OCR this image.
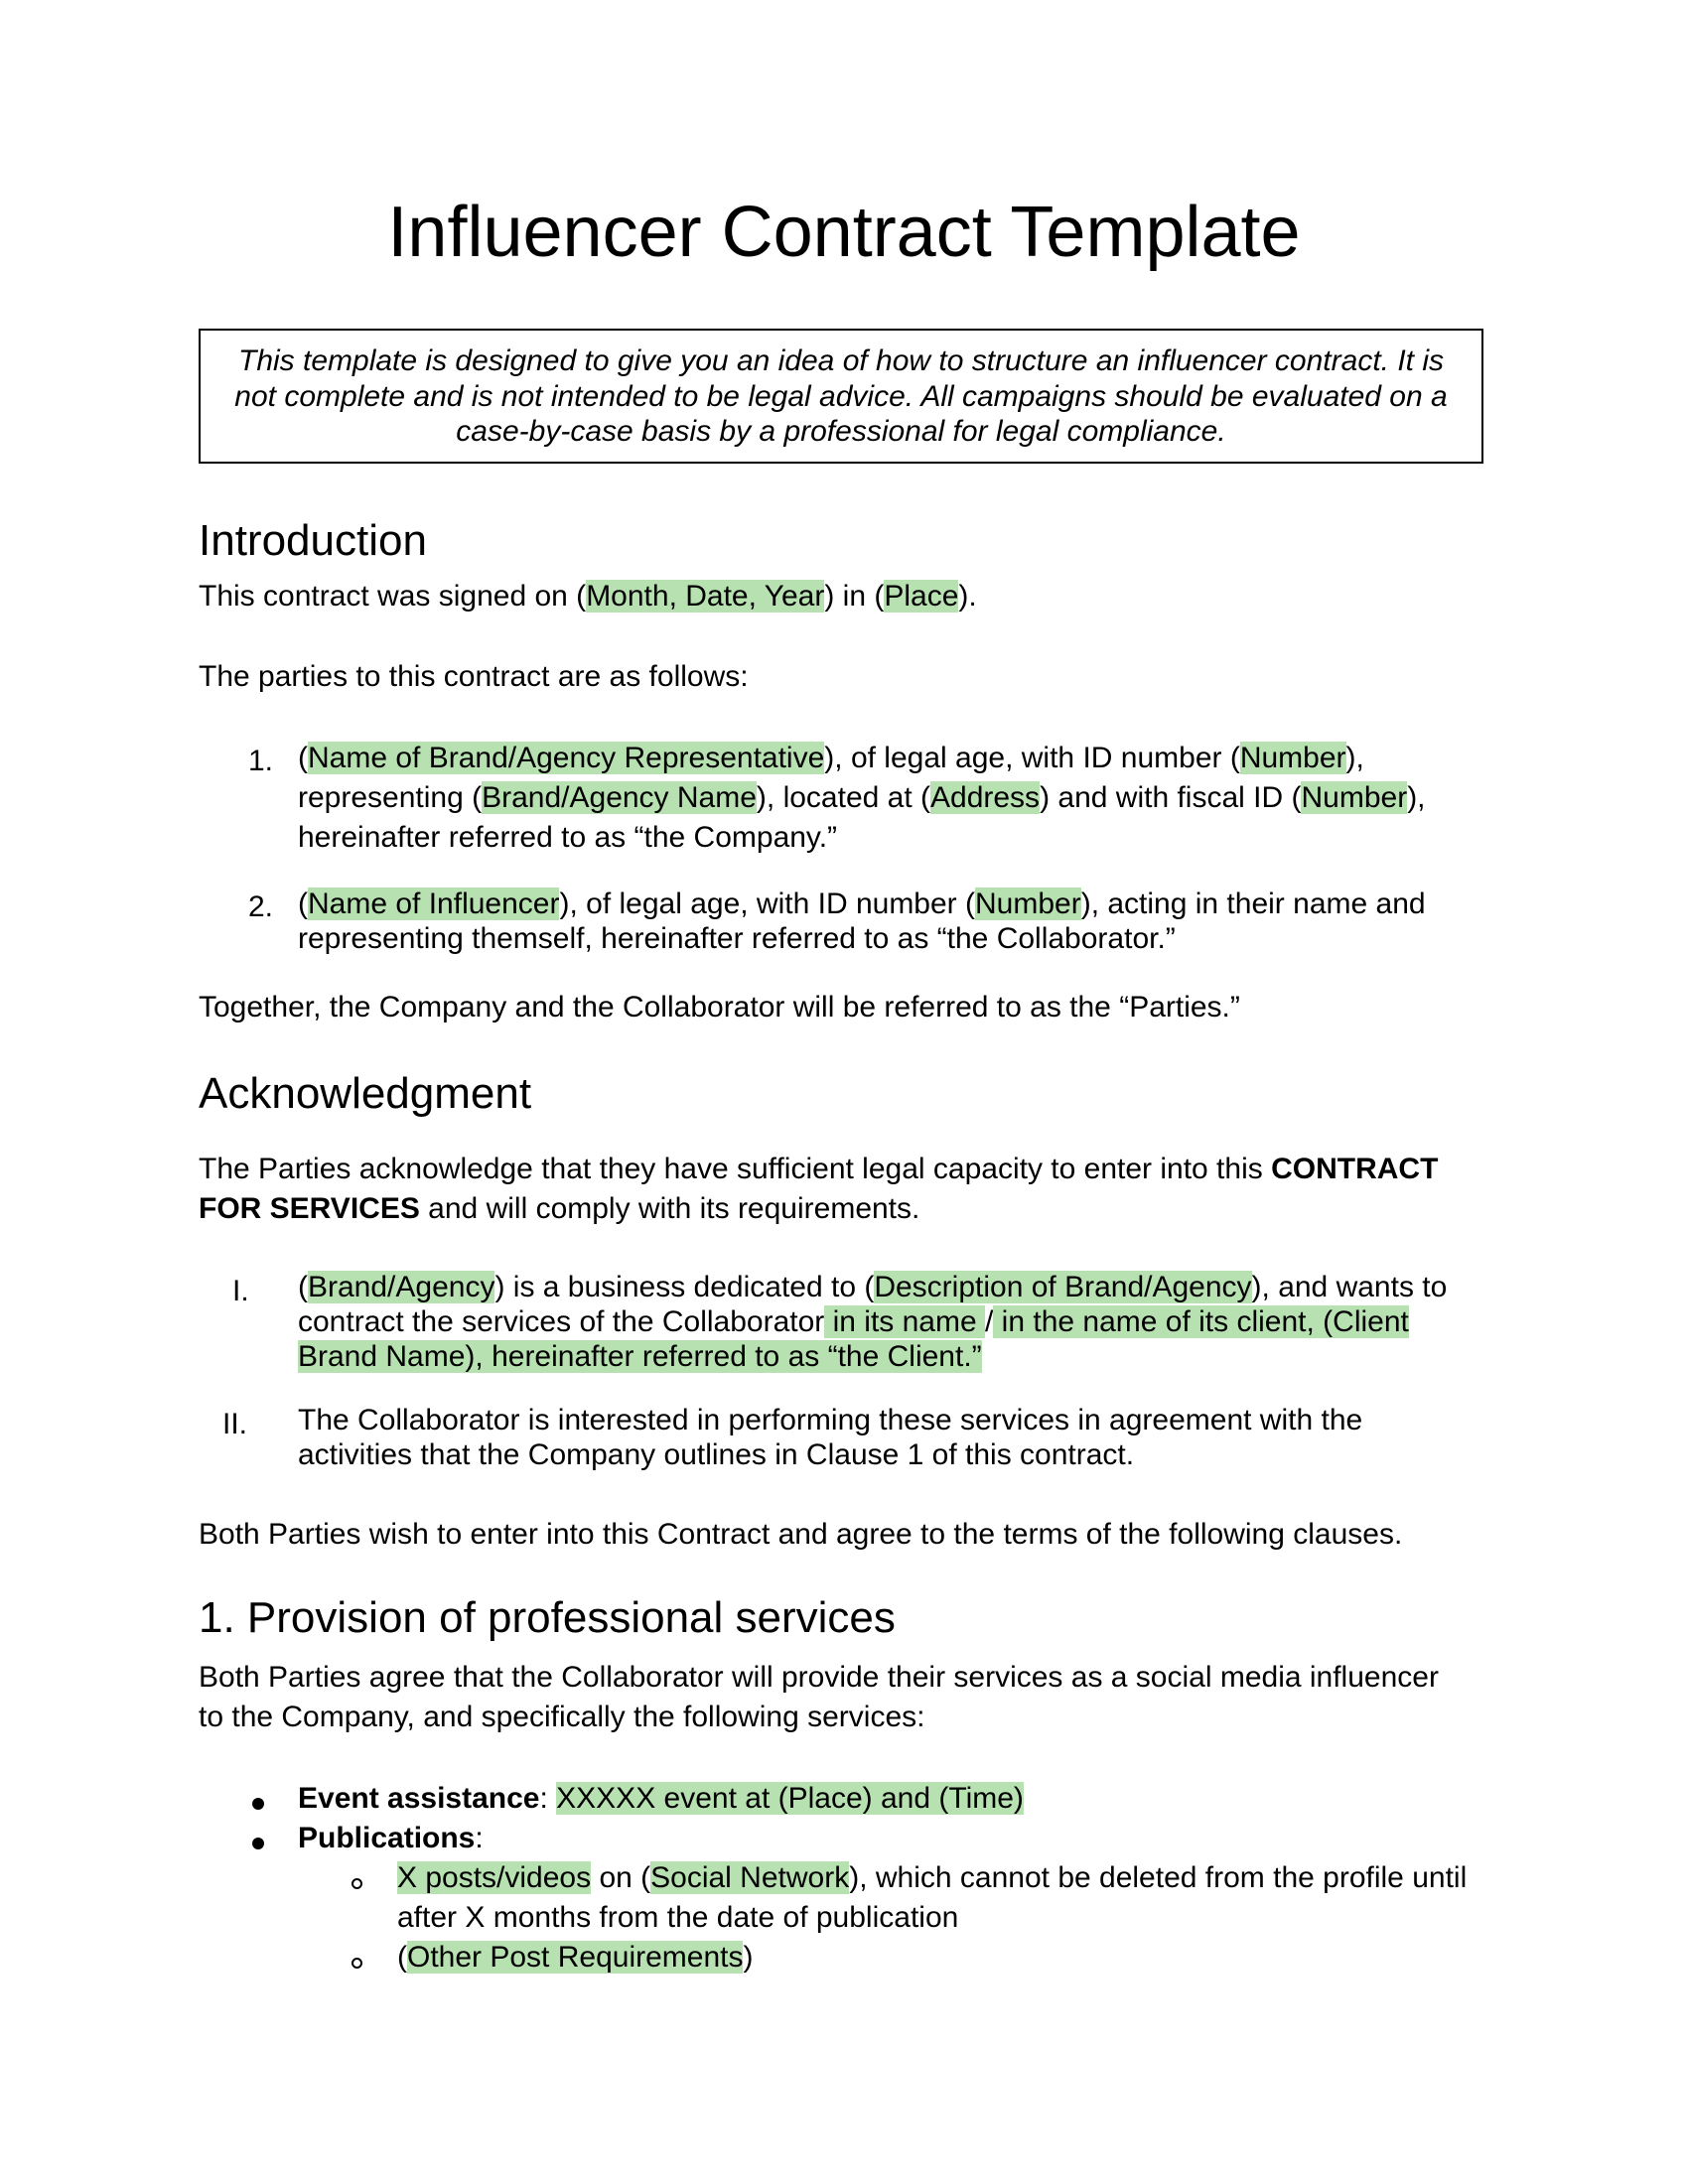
Influencer Contract Template
This template is designed to give you an idea of how to structure an influencer contract. It is
not complete and is not intended to be legal advice. All campaigns should be evaluated on a
case-by-case basis by a professional for legal compliance.
Introduction

This contract was signed on (Month, Date, Year) in (Place).

The parties to this contract are as follows:

1. (Name of Brand/Agency Representative), of legal age, with ID number (Number),
representing (Brand/Agency Name), located at (Address) and with fiscal ID (Number),
hereinafter referred to as “the Company.”
2. (Name of Influencer), of legal age, with ID number (Number), acting in their name and
representing themself, hereinafter referred to as “the Collaborator.”

Together, the Company and the Collaborator will be referred to as the “Parties.”

Acknowledgment

The Parties acknowledge that they have sufficient legal capacity to enter into this CONTRACT

FOR SERVICES and will comply with its requirements.

I. (Brand/Agency) is a business dedicated to (Description of Brand/Agency), and wants to
contract the services of the Collaborator in its name / in the name of its client, (Client
Brand Name), hereinafter referred to as “the Client.”
II. The Collaborator is interested in performing these services in agreement with the
activities that the Company outlines in Clause 1 of this contract.

Both Parties wish to enter into this Contract and agree to the terms of the following clauses.

1. Provision of professional services

Both Parties agree that the Collaborator will provide their services as a social media influencer

to the Company, and specifically the following services:

Event assistance: XXXXX event at (Place) and (Time)
Publications:
X posts/videos on (Social Network), which cannot be deleted from the profile until
after X months from the date of publication
(Other Post Requirements)
